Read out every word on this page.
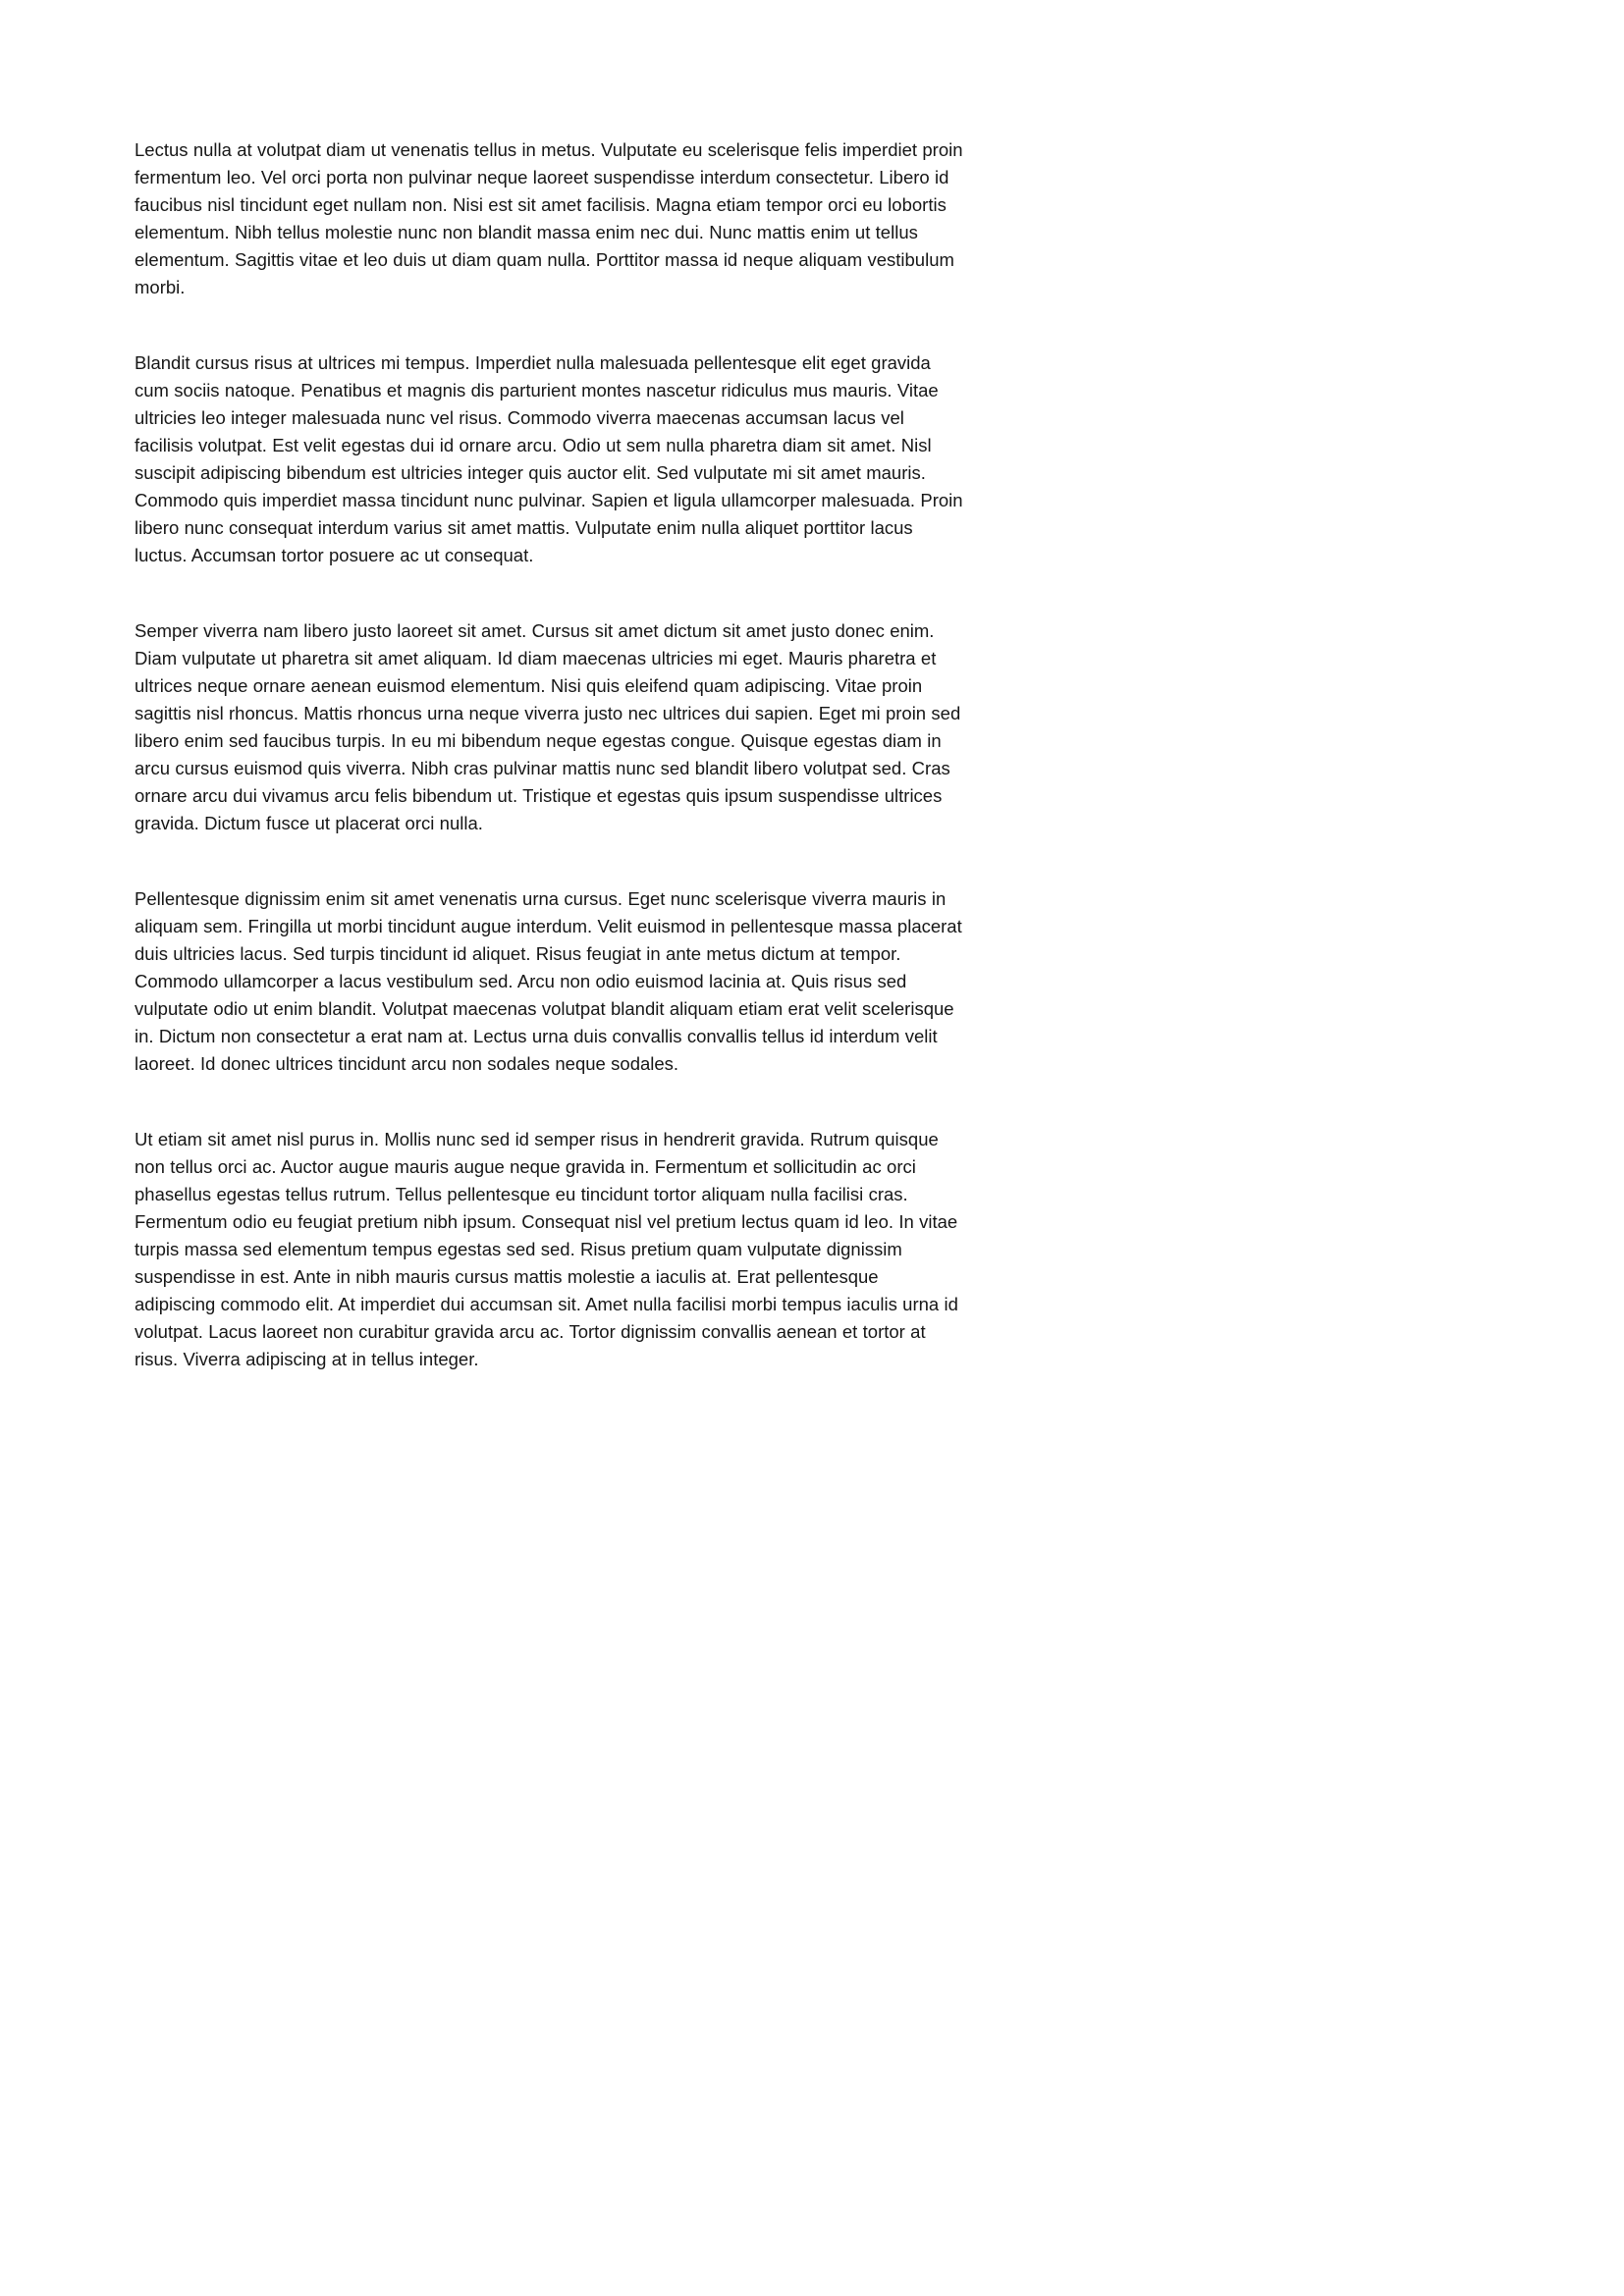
Lectus nulla at volutpat diam ut venenatis tellus in metus. Vulputate eu scelerisque felis imperdiet proin fermentum leo. Vel orci porta non pulvinar neque laoreet suspendisse interdum consectetur. Libero id faucibus nisl tincidunt eget nullam non. Nisi est sit amet facilisis. Magna etiam tempor orci eu lobortis elementum. Nibh tellus molestie nunc non blandit massa enim nec dui. Nunc mattis enim ut tellus elementum. Sagittis vitae et leo duis ut diam quam nulla. Porttitor massa id neque aliquam vestibulum morbi.

Blandit cursus risus at ultrices mi tempus. Imperdiet nulla malesuada pellentesque elit eget gravida cum sociis natoque. Penatibus et magnis dis parturient montes nascetur ridiculus mus mauris. Vitae ultricies leo integer malesuada nunc vel risus. Commodo viverra maecenas accumsan lacus vel facilisis volutpat. Est velit egestas dui id ornare arcu. Odio ut sem nulla pharetra diam sit amet. Nisl suscipit adipiscing bibendum est ultricies integer quis auctor elit. Sed vulputate mi sit amet mauris. Commodo quis imperdiet massa tincidunt nunc pulvinar. Sapien et ligula ullamcorper malesuada. Proin libero nunc consequat interdum varius sit amet mattis. Vulputate enim nulla aliquet porttitor lacus luctus. Accumsan tortor posuere ac ut consequat.

Semper viverra nam libero justo laoreet sit amet. Cursus sit amet dictum sit amet justo donec enim. Diam vulputate ut pharetra sit amet aliquam. Id diam maecenas ultricies mi eget. Mauris pharetra et ultrices neque ornare aenean euismod elementum. Nisi quis eleifend quam adipiscing. Vitae proin sagittis nisl rhoncus. Mattis rhoncus urna neque viverra justo nec ultrices dui sapien. Eget mi proin sed libero enim sed faucibus turpis. In eu mi bibendum neque egestas congue. Quisque egestas diam in arcu cursus euismod quis viverra. Nibh cras pulvinar mattis nunc sed blandit libero volutpat sed. Cras ornare arcu dui vivamus arcu felis bibendum ut. Tristique et egestas quis ipsum suspendisse ultrices gravida. Dictum fusce ut placerat orci nulla.

Pellentesque dignissim enim sit amet venenatis urna cursus. Eget nunc scelerisque viverra mauris in aliquam sem. Fringilla ut morbi tincidunt augue interdum. Velit euismod in pellentesque massa placerat duis ultricies lacus. Sed turpis tincidunt id aliquet. Risus feugiat in ante metus dictum at tempor. Commodo ullamcorper a lacus vestibulum sed. Arcu non odio euismod lacinia at. Quis risus sed vulputate odio ut enim blandit. Volutpat maecenas volutpat blandit aliquam etiam erat velit scelerisque in. Dictum non consectetur a erat nam at. Lectus urna duis convallis convallis tellus id interdum velit laoreet. Id donec ultrices tincidunt arcu non sodales neque sodales.

Ut etiam sit amet nisl purus in. Mollis nunc sed id semper risus in hendrerit gravida. Rutrum quisque non tellus orci ac. Auctor augue mauris augue neque gravida in. Fermentum et sollicitudin ac orci phasellus egestas tellus rutrum. Tellus pellentesque eu tincidunt tortor aliquam nulla facilisi cras. Fermentum odio eu feugiat pretium nibh ipsum. Consequat nisl vel pretium lectus quam id leo. In vitae turpis massa sed elementum tempus egestas sed sed. Risus pretium quam vulputate dignissim suspendisse in est. Ante in nibh mauris cursus mattis molestie a iaculis at. Erat pellentesque adipiscing commodo elit. At imperdiet dui accumsan sit. Amet nulla facilisi morbi tempus iaculis urna id volutpat. Lacus laoreet non curabitur gravida arcu ac. Tortor dignissim convallis aenean et tortor at risus. Viverra adipiscing at in tellus integer.
